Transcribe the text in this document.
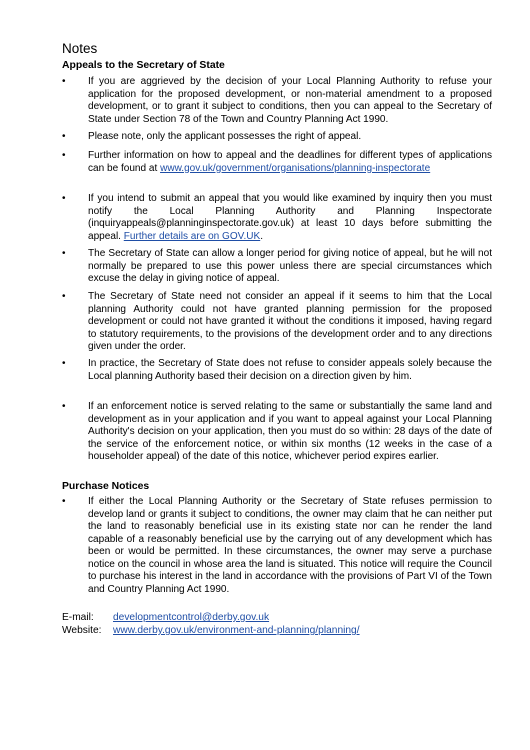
Notes
Appeals to the Secretary of State
• If you are aggrieved by the decision of your Local Planning Authority to refuse your application for the proposed development, or non-material amendment to a proposed development, or to grant it subject to conditions, then you can appeal to the Secretary of State under Section 78 of the Town and Country Planning Act 1990.

• Please note, only the applicant possesses the right of appeal.

• Further information on how to appeal and the deadlines for different types of applications can be found at www.gov.uk/government/organisations/planning-inspectorate

• If you intend to submit an appeal that you would like examined by inquiry then you must notify the Local Planning Authority and Planning Inspectorate (inquiryappeals@planninginspectorate.gov.uk) at least 10 days before submitting the appeal. Further details are on GOV.UK.

• The Secretary of State can allow a longer period for giving notice of appeal, but he will not normally be prepared to use this power unless there are special circumstances which excuse the delay in giving notice of appeal.

• The Secretary of State need not consider an appeal if it seems to him that the Local planning Authority could not have granted planning permission for the proposed development or could not have granted it without the conditions it imposed, having regard to statutory requirements, to the provisions of the development order and to any directions given under the order.

• In practice, the Secretary of State does not refuse to consider appeals solely because the Local planning Authority based their decision on a direction given by him.

• If an enforcement notice is served relating to the same or substantially the same land and development as in your application and if you want to appeal against your Local Planning Authority's decision on your application, then you must do so within: 28 days of the date of the service of the enforcement notice, or within six months (12 weeks in the case of a householder appeal) of the date of this notice, whichever period expires earlier.

Purchase Notices
• If either the Local Planning Authority or the Secretary of State refuses permission to develop land or grants it subject to conditions, the owner may claim that he can neither put the land to reasonably beneficial use in its existing state nor can he render the land capable of a reasonably beneficial use by the carrying out of any development which has been or would be permitted. In these circumstances, the owner may serve a purchase notice on the council in whose area the land is situated. This notice will require the Council to purchase his interest in the land in accordance with the provisions of Part VI of the Town and Country Planning Act 1990.

E-mail: developmentcontrol@derby.gov.uk
Website: www.derby.gov.uk/environment-and-planning/planning/
